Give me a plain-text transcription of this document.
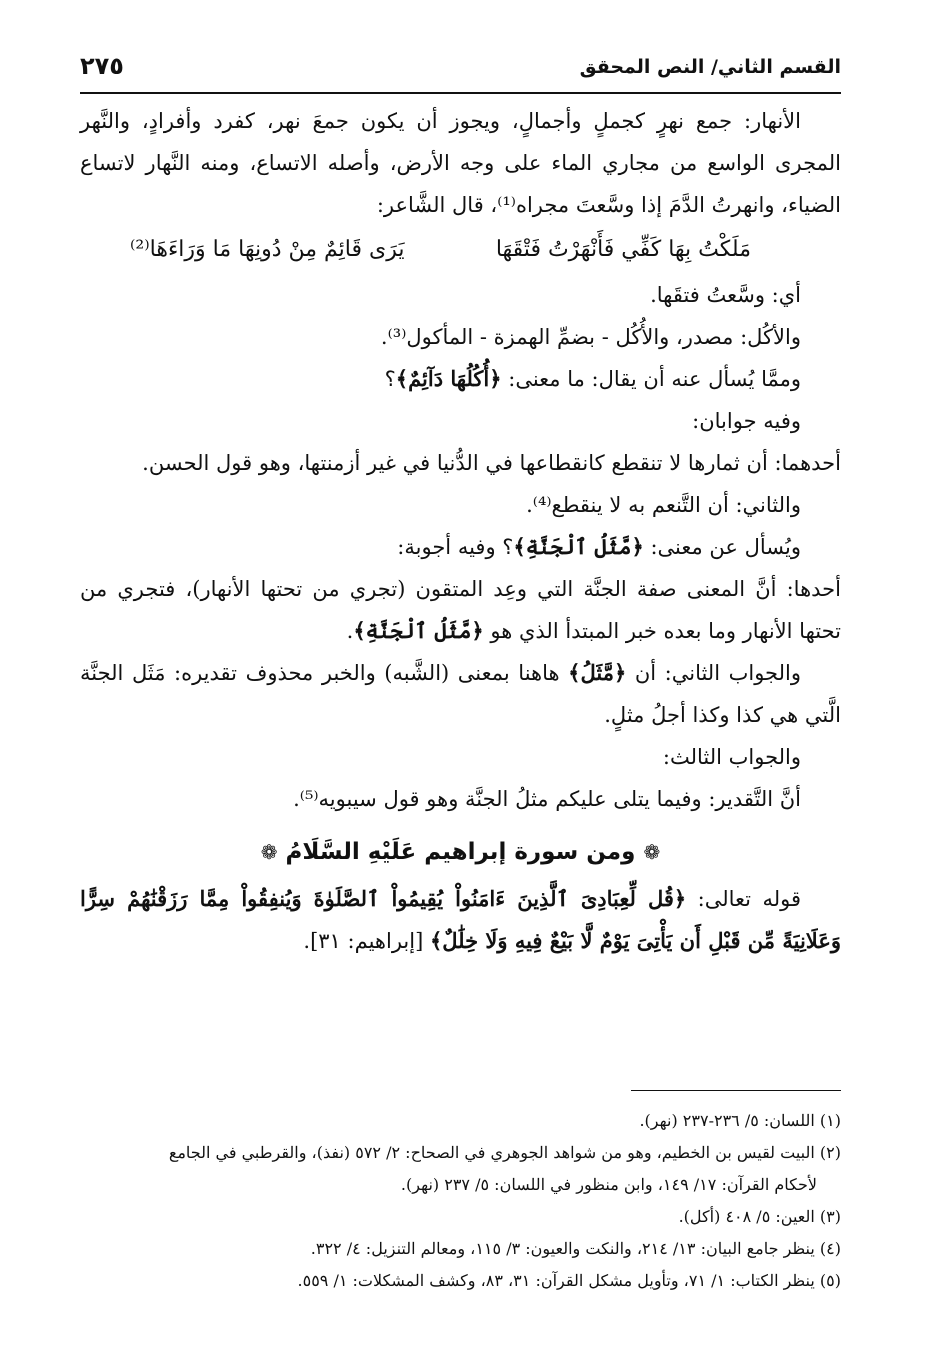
٢٧٥	القسم الثاني/ النص المحقق

الأنهار: جمع نهرٍ كجملٍ وأجمالٍ، ويجوز أن يكون جمعَ نهر، كفرد وأفرادٍ، والنَّهر المجرى الواسع من مجاري الماء على وجه الأرض، وأصله الاتساع، ومنه النَّهار لاتساع الضياء، وانهرتُ الدَّمَ إذا وسَّعتَ مجراه⁽¹⁾، قال الشَّاعر:

مَلَكْتُ بِهَا كَفِّي فَأَنْهَرْتُ فَتْقَهَا
يَرَى قَائِمٌ مِنْ دُونِهَا مَا وَرَاءَهَا⁽²⁾

أي: وسَّعتُ فتقَها.

والأكُل: مصدر، والأُكُل - بضمِّ الهمزة - المأكول⁽³⁾.

وممَّا يُسأل عنه أن يقال: ما معنى: ﴿أُكُلُهَا دَآئِمٌ﴾؟

وفيه جوابان:

أحدهما: أن ثمارها لا تنقطع كانقطاعها في الدُّنيا في غير أزمنتها، وهو قول الحسن.

والثاني: أن التَّنعم به لا ينقطع⁽⁴⁾.

ويُسأل عن معنى: ﴿مَّثَلُ ٱلْجَنَّةِ﴾؟ وفيه أجوبة:

أحدها: أنَّ المعنى صفة الجنَّة التي وعِد المتقون (تجري من تحتها الأنهار)، فتجري من تحتها الأنهار وما بعده خبر المبتدأ الذي هو ﴿مَّثَلُ ٱلْجَنَّةِ﴾.

والجواب الثاني: أن ﴿مَّثَلُ﴾ هاهنا بمعنى (الشَّبه) والخبر محذوف تقديره: مَثَل الجنَّة الَّتي هي كذا وكذا أجلُ مثلٍ.

والجواب الثالث:

أنَّ التَّقدير: وفيما يتلى عليكم مثلُ الجنَّة وهو قول سيبويه⁽⁵⁾.

❁ومن سورة إبراهيم عَلَيْهِ السَّلَامُ❁

قوله تعالى: ﴿قُل لِّعِبَادِىَ ٱلَّذِينَ ءَامَنُواْ يُقِيمُواْ ٱلصَّلَوٰةَ وَيُنفِقُواْ مِمَّا رَزَقْنَٰهُمْ سِرًّا وَعَلَانِيَةً مِّن قَبْلِ أَن يَأْتِىَ يَوْمٌ لَّا بَيْعٌ فِيهِ وَلَا خِلَٰلٌ﴾ [إبراهيم: ٣١].

(١) اللسان: ٥/ ٢٣٦-٢٣٧ (نهر).

(٢) البيت لقيس بن الخطيم، وهو من شواهد الجوهري في الصحاح: ٢/ ٥٧٢ (نفذ)، والقرطبي في الجامع

لأحكام القرآن: ١٧/ ١٤٩، وابن منظور في اللسان: ٥/ ٢٣٧ (نهر).

(٣) العين: ٥/ ٤٠٨ (أكل).

(٤) ينظر جامع البيان: ١٣/ ٢١٤، والنكت والعيون: ٣/ ١١٥، ومعالم التنزيل: ٤/ ٣٢٢.

(٥) ينظر الكتاب: ١/ ٧١، وتأويل مشكل القرآن: ٣١، ٨٣، وكشف المشكلات: ١/ ٥٥٩.
